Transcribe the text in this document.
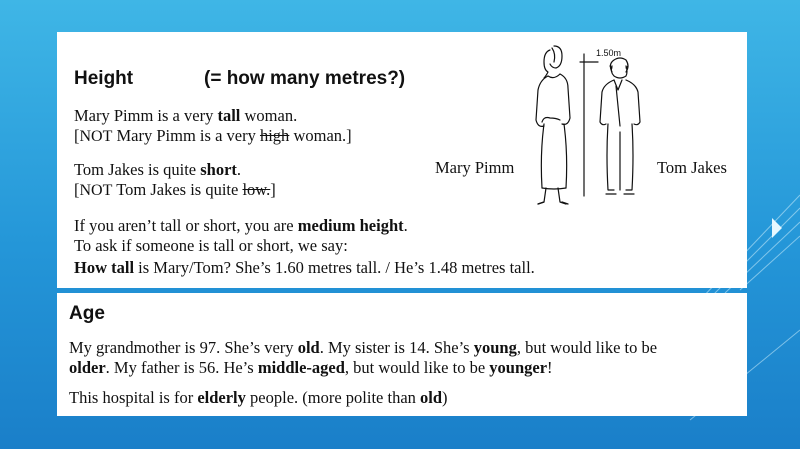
Height	(= how many metres?)
Mary Pimm is a very tall woman.
[NOT Mary Pimm is a very high woman.]
Tom Jakes is quite short.
[NOT Tom Jakes is quite low.]
If you aren’t tall or short, you are medium height.
To ask if someone is tall or short, we say:
How tall is Mary/Tom? She’s 1.60 metres tall. / He’s 1.48 metres tall.
Mary Pimm	Tom Jakes
1.50m
Age
My grandmother is 97. She’s very old. My sister is 14. She’s young, but would like to be
older. My father is 56. He’s middle-aged, but would like to be younger!
This hospital is for elderly people. (more polite than old)
